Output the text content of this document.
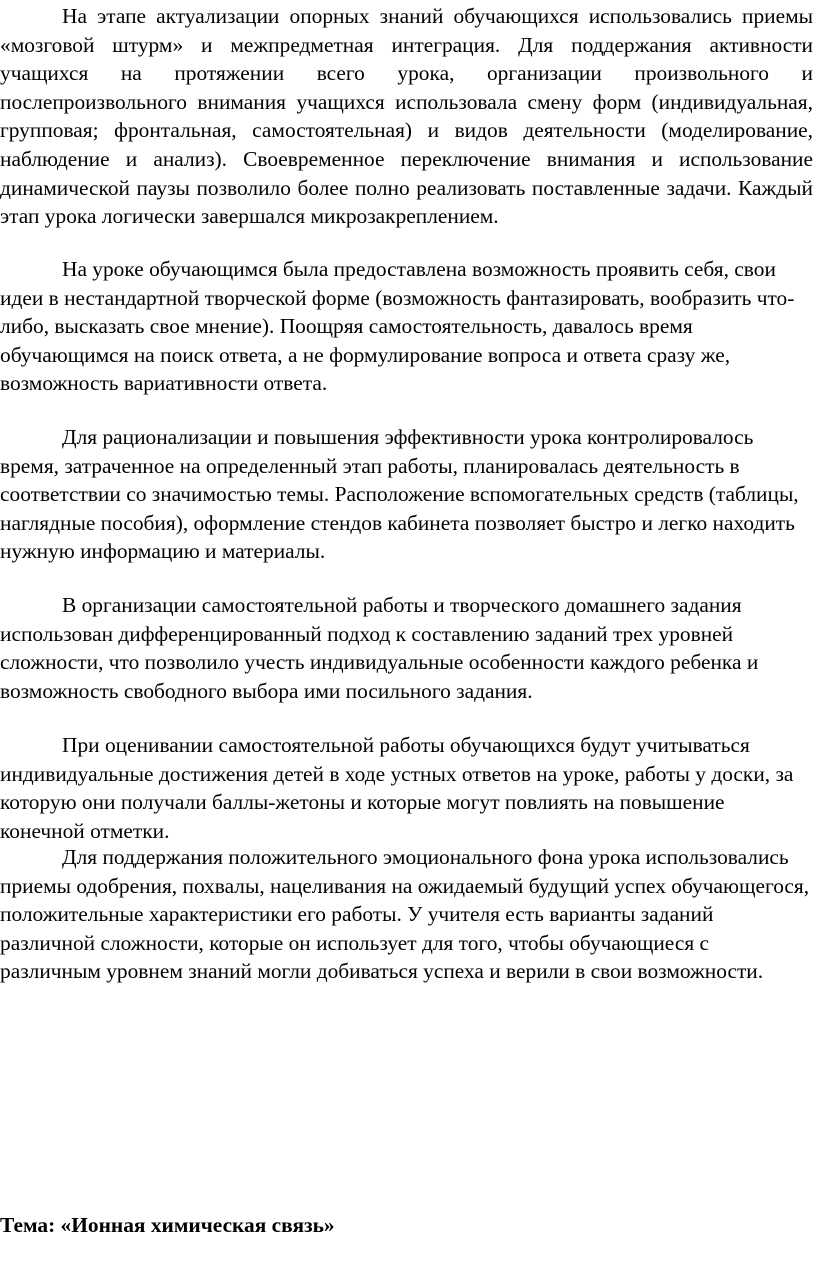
На этапе актуализации опорных знаний обучающихся использовались приемы «мозговой штурм» и межпредметная интеграция. Для поддержания активности учащихся на протяжении всего урока, организации произвольного и послепроизвольного внимания учащихся использовала смену форм (индивидуальная, групповая; фронтальная, самостоятельная) и видов деятельности (моделирование, наблюдение и анализ). Своевременное переключение внимания и использование динамической паузы позволило более полно реализовать поставленные задачи. Каждый этап урока логически завершался микрозакреплением.

На уроке обучающимся была предоставлена возможность проявить себя, свои идеи в нестандартной творческой форме (возможность фантазировать, вообразить что-либо, высказать свое мнение). Поощряя самостоятельность, давалось время обучающимся на поиск ответа, а не формулирование вопроса и ответа сразу же, возможность вариативности ответа.

Для рационализации и повышения эффективности урока контролировалось время, затраченное на определенный этап работы, планировалась деятельность в соответствии со значимостью темы. Расположение вспомогательных средств (таблицы, наглядные пособия), оформление стендов кабинета позволяет быстро и легко находить нужную информацию и материалы.

В организации самостоятельной работы и творческого домашнего задания использован дифференцированный подход к составлению заданий трех уровней сложности, что позволило учесть индивидуальные особенности каждого ребенка и возможность свободного выбора ими посильного задания.

При оценивании самостоятельной работы обучающихся будут учитываться индивидуальные достижения детей в ходе устных ответов на уроке, работы у доски, за которую они получали баллы-жетоны и которые могут повлиять на повышение конечной отметки.

Для поддержания положительного эмоционального фона урока использовались приемы одобрения, похвалы, нацеливания на ожидаемый будущий успех обучающегося, положительные характеристики его работы. У учителя есть варианты заданий различной сложности, которые он использует для того, чтобы обучающиеся с различным уровнем знаний могли добиваться успеха и верили в свои возможности.

Тема: «Ионная химическая связь»
